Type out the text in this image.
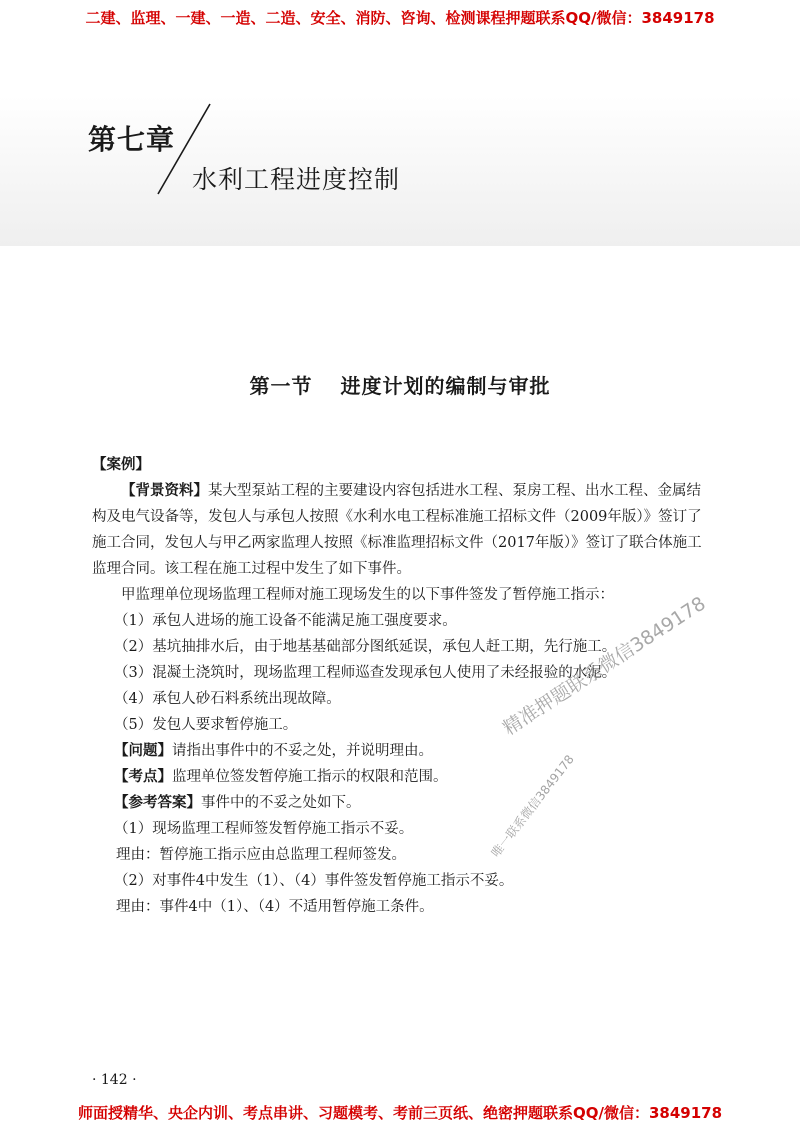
二建、监理、一建、一造、二造、安全、消防、咨询、检测课程押题联系QQ/微信：3849178
第七章
水利工程进度控制
第一节 进度计划的编制与审批

【案例】

【背景资料】某大型泵站工程的主要建设内容包括进水工程、泵房工程、出水工程、金属结构及电气设备等，发包人与承包人按照《水利水电工程标准施工招标文件（2009年版）》签订了施工合同，发包人与甲乙两家监理人按照《标准监理招标文件（2017年版）》签订了联合体施工监理合同。该工程在施工过程中发生了如下事件。

甲监理单位现场监理工程师对施工现场发生的以下事件签发了暂停施工指示：

（1）承包人进场的施工设备不能满足施工强度要求。

（2）基坑抽排水后，由于地基基础部分图纸延误，承包人赶工期，先行施工。

（3）混凝土浇筑时，现场监理工程师巡查发现承包人使用了未经报验的水泥。

（4）承包人砂石料系统出现故障。

（5）发包人要求暂停施工。

【问题】请指出事件中的不妥之处，并说明理由。

【考点】监理单位签发暂停施工指示的权限和范围。

【参考答案】事件中的不妥之处如下。

（1）现场监理工程师签发暂停施工指示不妥。

理由：暂停施工指示应由总监理工程师签发。

（2）对事件4中发生（1）、（4）事件签发暂停施工指示不妥。

理由：事件4中（1）、（4）不适用暂停施工条件。

精准押题联系微信3849178
唯一联系微信3849178
· 142 ·
师面授精华、央企内训、考点串讲、习题模考、考前三页纸、绝密押题联系QQ/微信：3849178
